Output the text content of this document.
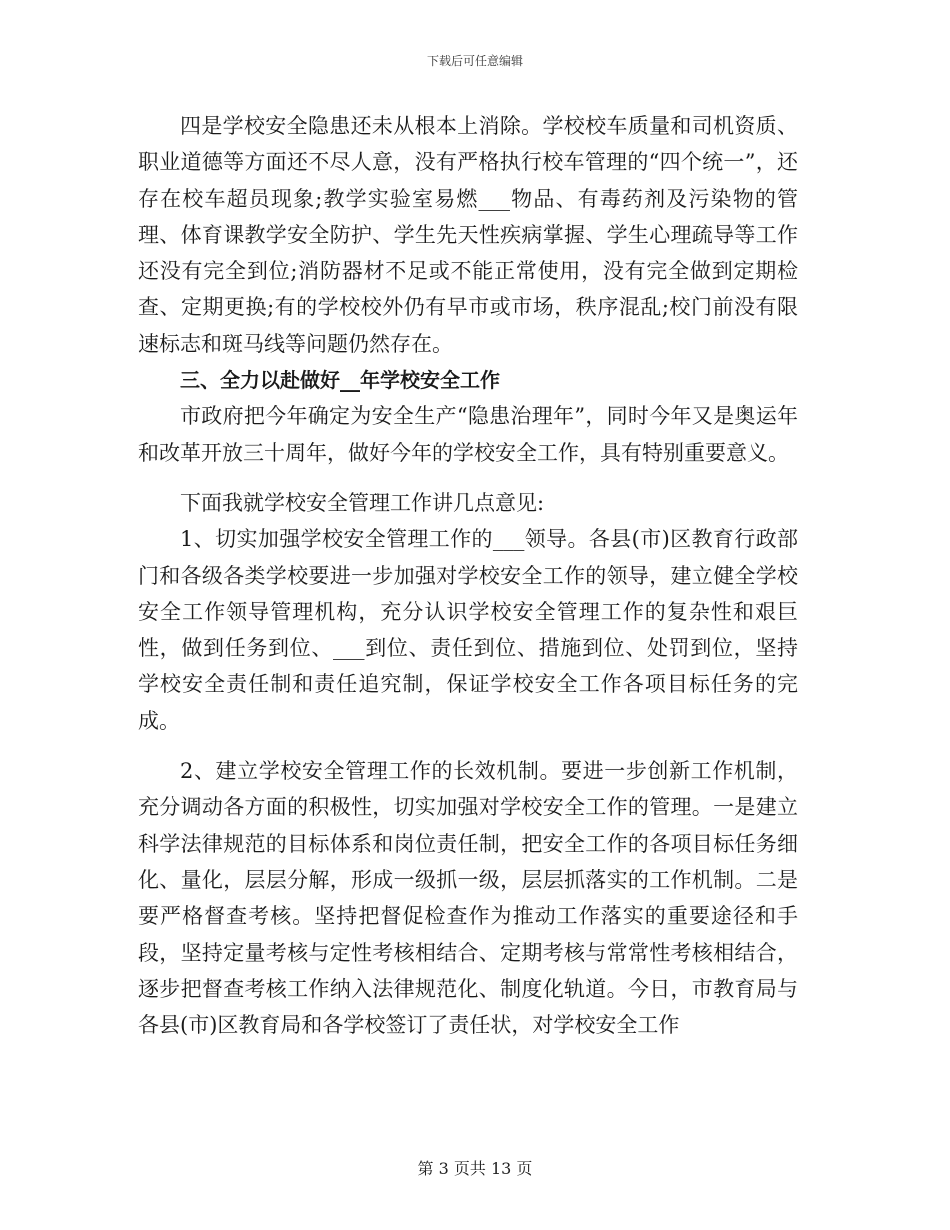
下载后可任意编辑

四是学校安全隐患还未从根本上消除。学校校车质量和司机资质、职业道德等方面还不尽人意，没有严格执行校车管理的“四个统一”，还存在校车超员现象;教学实验室易燃___物品、有毒药剂及污染物的管理、体育课教学安全防护、学生先天性疾病掌握、学生心理疏导等工作还没有完全到位;消防器材不足或不能正常使用，没有完全做到定期检查、定期更换;有的学校校外仍有早市或市场，秩序混乱;校门前没有限速标志和斑马线等问题仍然存在。

三、全力以赴做好__年学校安全工作

市政府把今年确定为安全生产“隐患治理年”，同时今年又是奥运年和改革开放三十周年，做好今年的学校安全工作，具有特别重要意义。

下面我就学校安全管理工作讲几点意见:

1、切实加强学校安全管理工作的___领导。各县(市)区教育行政部门和各级各类学校要进一步加强对学校安全工作的领导，建立健全学校安全工作领导管理机构，充分认识学校安全管理工作的复杂性和艰巨性，做到任务到位、___到位、责任到位、措施到位、处罚到位，坚持学校安全责任制和责任追究制，保证学校安全工作各项目标任务的完成。

2、建立学校安全管理工作的长效机制。要进一步创新工作机制，充分调动各方面的积极性，切实加强对学校安全工作的管理。一是建立科学法律规范的目标体系和岗位责任制，把安全工作的各项目标任务细化、量化，层层分解，形成一级抓一级，层层抓落实的工作机制。二是要严格督查考核。坚持把督促检查作为推动工作落实的重要途径和手段，坚持定量考核与定性考核相结合、定期考核与常常性考核相结合，逐步把督查考核工作纳入法律规范化、制度化轨道。今日，市教育局与各县(市)区教育局和各学校签订了责任状，对学校安全工作

第 3 页共 13 页
